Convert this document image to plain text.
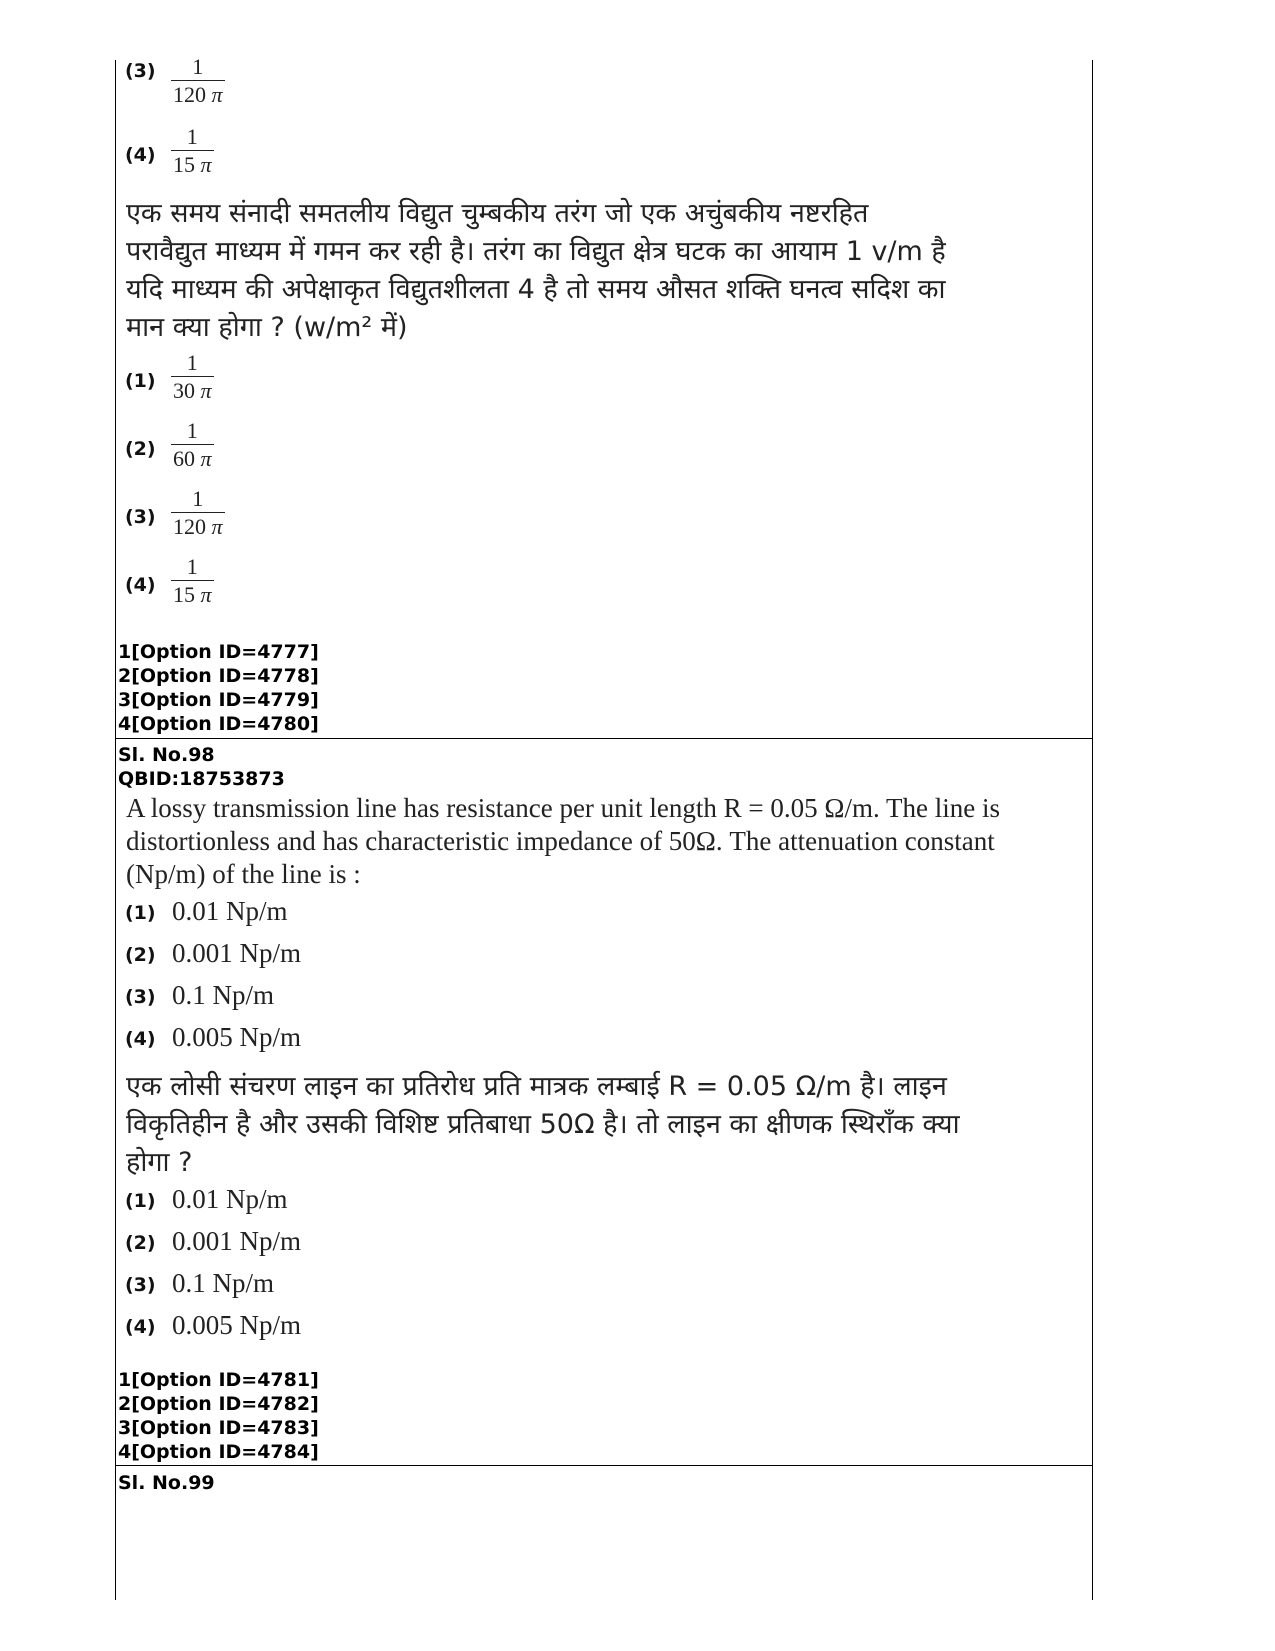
(3) 1
120 π
(4)
1
15 π
एक समय संनादी समतलीय विद्युत चुम्बकीय तरंग जो एक अचुंबकीय नष्टरहित
परावैद्युत माध्यम में गमन कर रही है। तरंग का विद्युत क्षेत्र घटक का आयाम 1 v/m है
यदि माध्यम की अपेक्षाकृत विद्युतशीलता 4 है तो समय औसत शक्ति घनत्व सदिश का
मान क्या होगा ? (w/m² में)
(1)
1
30 π
(2)
1
60 π
(3)
1
120 π
(4)
1
15 π
1[Option ID=4777]
2[Option ID=4778]
3[Option ID=4779]
4[Option ID=4780]
Sl. No.98
QBID:18753873
A lossy transmission line has resistance per unit length R = 0.05 Ω/m. The line is
distortionless and has characteristic impedance of 50Ω. The attenuation constant
(Np/m) of the line is :
(1) 0.01 Np/m
(2) 0.001 Np/m
(3) 0.1 Np/m
(4) 0.005 Np/m
एक लोसी संचरण लाइन का प्रतिरोध प्रति मात्रक लम्बाई R = 0.05 Ω/m है। लाइन
विकृतिहीन है और उसकी विशिष्ट प्रतिबाधा 50Ω है। तो लाइन का क्षीणक स्थिराँक क्या
होगा ?
(1) 0.01 Np/m
(2) 0.001 Np/m
(3) 0.1 Np/m
(4) 0.005 Np/m
1[Option ID=4781]
2[Option ID=4782]
3[Option ID=4783]
4[Option ID=4784]
Sl. No.99
